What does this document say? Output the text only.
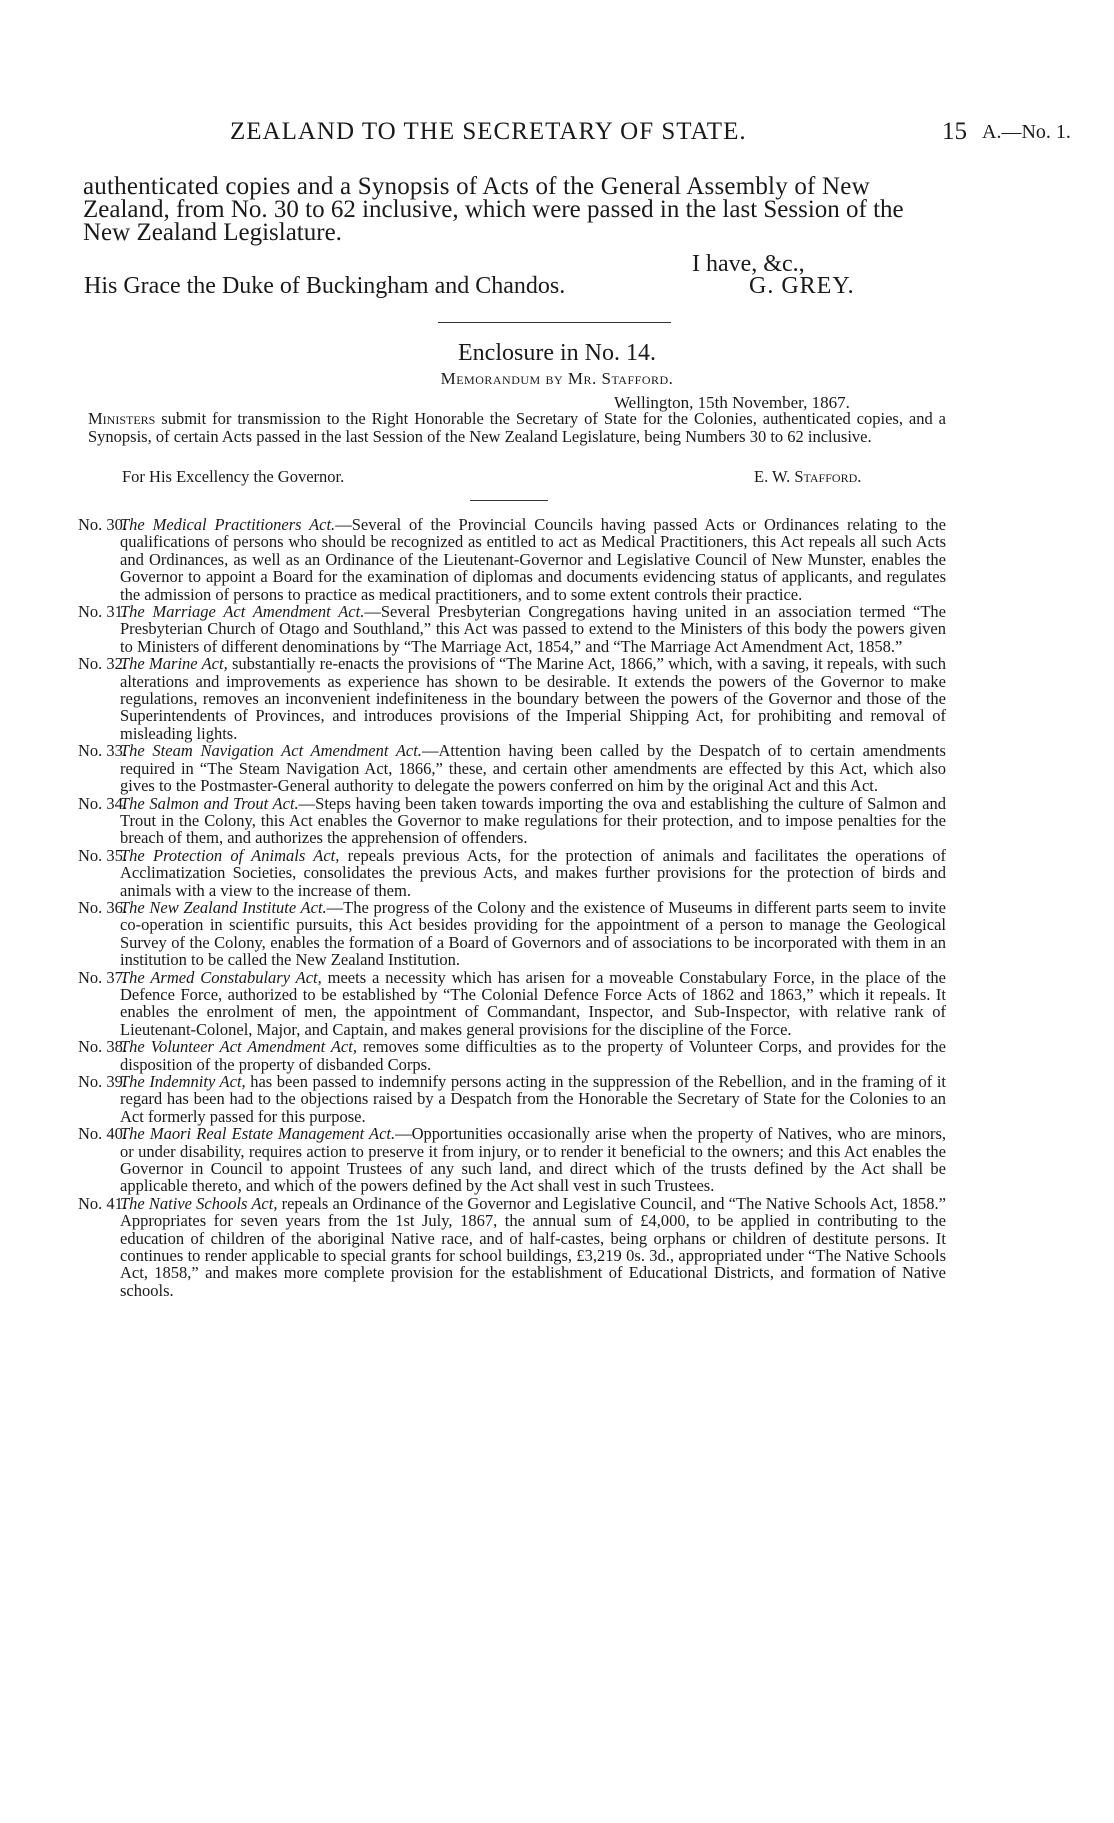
ZEALAND TO THE SECRETARY OF STATE.	15 A.—No. 1.

authenticated copies and a Synopsis of Acts of the General Assembly of New

Zealand, from No. 30 to 62 inclusive, which were passed in the last Session of the

New Zealand Legislature.

I have, &c.,
His Grace the Duke of Buckingham and Chandos.	G. GREY.
Enclosure in No. 14.
Memorandum by Mr. Stafford.
Wellington, 15th November, 1867.
Ministers submit for transmission to the Right Honorable the Secretary of State for the Colonies, authenticated copies, and a Synopsis, of certain Acts passed in the last Session of the New Zealand Legislature, being Numbers 30 to 62 inclusive.
For His Excellency the Governor.	E. W. Stafford.

No. 30.
The Medical Practitioners Act.—Several of the Provincial Councils having passed Acts or Ordinances relating to the qualifications of persons who should be recognized as entitled to act as Medical Practitioners, this Act repeals all such Acts and Ordinances, as well as an Ordinance of the Lieutenant-Governor and Legislative Council of New Munster, enables the Governor to appoint a Board for the examination of diplomas and documents evidencing status of applicants, and regulates the admission of persons to practice as medical practitioners, and to some extent controls their practice.

No. 31.
The Marriage Act Amendment Act.—Several Presbyterian Congregations having united in an association termed “The Presbyterian Church of Otago and Southland,” this Act was passed to extend to the Ministers of this body the powers given to Ministers of different denominations by “The Marriage Act, 1854,” and “The Marriage Act Amendment Act, 1858.”

No. 32.
The Marine Act, substantially re-enacts the provisions of “The Marine Act, 1866,” which, with a saving, it repeals, with such alterations and improvements as experience has shown to be desirable. It extends the powers of the Governor to make regulations, removes an inconvenient indefiniteness in the boundary between the powers of the Governor and those of the Superintendents of Provinces, and introduces provisions of the Imperial Shipping Act, for prohibiting and removal of misleading lights.

No. 33.
The Steam Navigation Act Amendment Act.—Attention having been called by the Despatch of to certain amendments required in “The Steam Navigation Act, 1866,” these, and certain other amendments are effected by this Act, which also gives to the Postmaster-General authority to delegate the powers conferred on him by the original Act and this Act.

No. 34.
The Salmon and Trout Act.—Steps having been taken towards importing the ova and establishing the culture of Salmon and Trout in the Colony, this Act enables the Governor to make regulations for their protection, and to impose penalties for the breach of them, and authorizes the apprehension of offenders.

No. 35.
The Protection of Animals Act, repeals previous Acts, for the protection of animals and facilitates the operations of Acclimatization Societies, consolidates the previous Acts, and makes further provisions for the protection of birds and animals with a view to the increase of them.

No. 36.
The New Zealand Institute Act.—The progress of the Colony and the existence of Museums in different parts seem to invite co-operation in scientific pursuits, this Act besides providing for the appointment of a person to manage the Geological Survey of the Colony, enables the formation of a Board of Governors and of associations to be incorporated with them in an institution to be called the New Zealand Institution.

No. 37.
The Armed Constabulary Act, meets a necessity which has arisen for a moveable Constabulary Force, in the place of the Defence Force, authorized to be established by “The Colonial Defence Force Acts of 1862 and 1863,” which it repeals. It enables the enrolment of men, the appointment of Commandant, Inspector, and Sub-Inspector, with relative rank of Lieutenant-Colonel, Major, and Captain, and makes general provisions for the discipline of the Force.

No. 38.
The Volunteer Act Amendment Act, removes some difficulties as to the property of Volunteer Corps, and provides for the disposition of the property of disbanded Corps.

No. 39.
The Indemnity Act, has been passed to indemnify persons acting in the suppression of the Rebellion, and in the framing of it regard has been had to the objections raised by a Despatch from the Honorable the Secretary of State for the Colonies to an Act formerly passed for this purpose.

No. 40.
The Maori Real Estate Management Act.—Opportunities occasionally arise when the property of Natives, who are minors, or under disability, requires action to preserve it from injury, or to render it beneficial to the owners; and this Act enables the Governor in Council to appoint Trustees of any such land, and direct which of the trusts defined by the Act shall be applicable thereto, and which of the powers defined by the Act shall vest in such Trustees.

No. 41.
The Native Schools Act, repeals an Ordinance of the Governor and Legislative Council, and “The Native Schools Act, 1858.” Appropriates for seven years from the 1st July, 1867, the annual sum of £4,000, to be applied in contributing to the education of children of the aboriginal Native race, and of half-castes, being orphans or children of destitute persons. It continues to render applicable to special grants for school buildings, £3,219 0s. 3d., appropriated under “The Native Schools Act, 1858,” and makes more complete provision for the establishment of Educational Districts, and formation of Native schools.
